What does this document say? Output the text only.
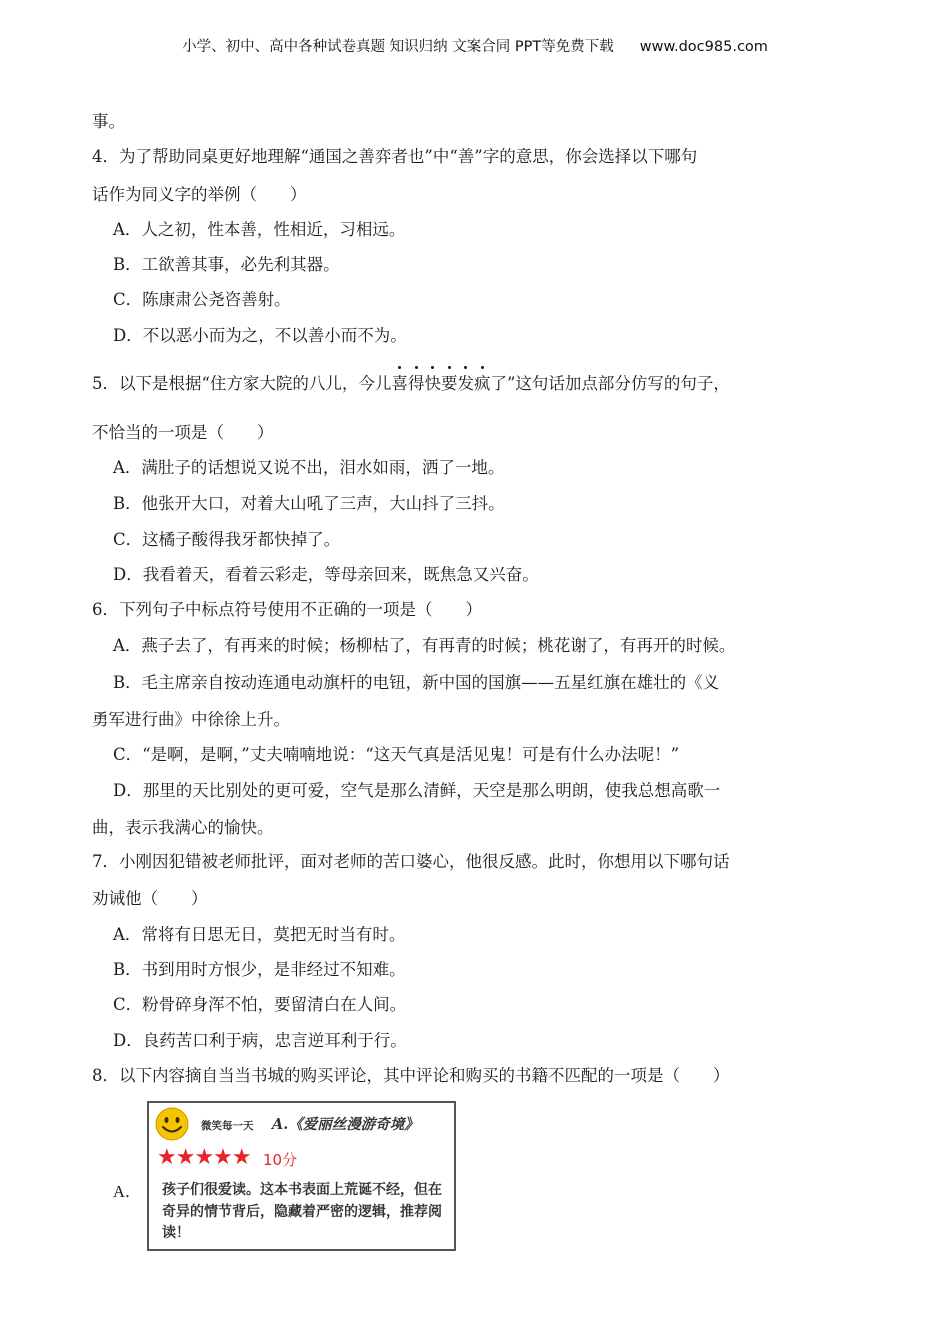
小学、初中、高中各种试卷真题 知识归纳 文案合同 PPT等免费下载 www.doc985.com
事。
4．为了帮助同桌更好地理解“通国之善弈者也”中“善”字的意思，你会选择以下哪句
话作为同义字的举例（　　）
A．人之初，性本善，性相近，习相远。
B．工欲善其事，必先利其器。
C．陈康肃公尧咨善射。
D．不以恶小而为之，不以善小而不为。
5．以下是根据“住方家大院的八儿，今儿喜得快要发疯了”这句话加点部分仿写的句子，
不恰当的一项是（　　）
A．满肚子的话想说又说不出，泪水如雨，洒了一地。
B．他张开大口，对着大山吼了三声，大山抖了三抖。
C．这橘子酸得我牙都快掉了。
D．我看着天，看着云彩走，等母亲回来，既焦急又兴奋。
6．下列句子中标点符号使用不正确的一项是（　　）
A．燕子去了，有再来的时候；杨柳枯了，有再青的时候；桃花谢了，有再开的时候。
B．毛主席亲自按动连通电动旗杆的电钮，新中国的国旗——五星红旗在雄壮的《义
勇军进行曲》中徐徐上升。
C．“是啊，是啊，”丈夫喃喃地说：“这天气真是活见鬼！可是有什么办法呢！”
D．那里的天比别处的更可爱，空气是那么清鲜，天空是那么明朗，使我总想高歌一
曲，表示我满心的愉快。
7．小刚因犯错被老师批评，面对老师的苦口婆心，他很反感。此时，你想用以下哪句话
劝诫他（　　）
A．常将有日思无日，莫把无时当有时。
B．书到用时方恨少，是非经过不知难。
C．粉骨碎身浑不怕，要留清白在人间。
D．良药苦口利于病，忠言逆耳利于行。
8．以下内容摘自当当书城的购买评论，其中评论和购买的书籍不匹配的一项是（　　）
A．
微笑每一天 A.《爱丽丝漫游奇境》
★★★★★ 10分
孩子们很爱读。这本书表面上荒诞不经，但在奇异的情节背后，隐藏着严密的逻辑，推荐阅读！
